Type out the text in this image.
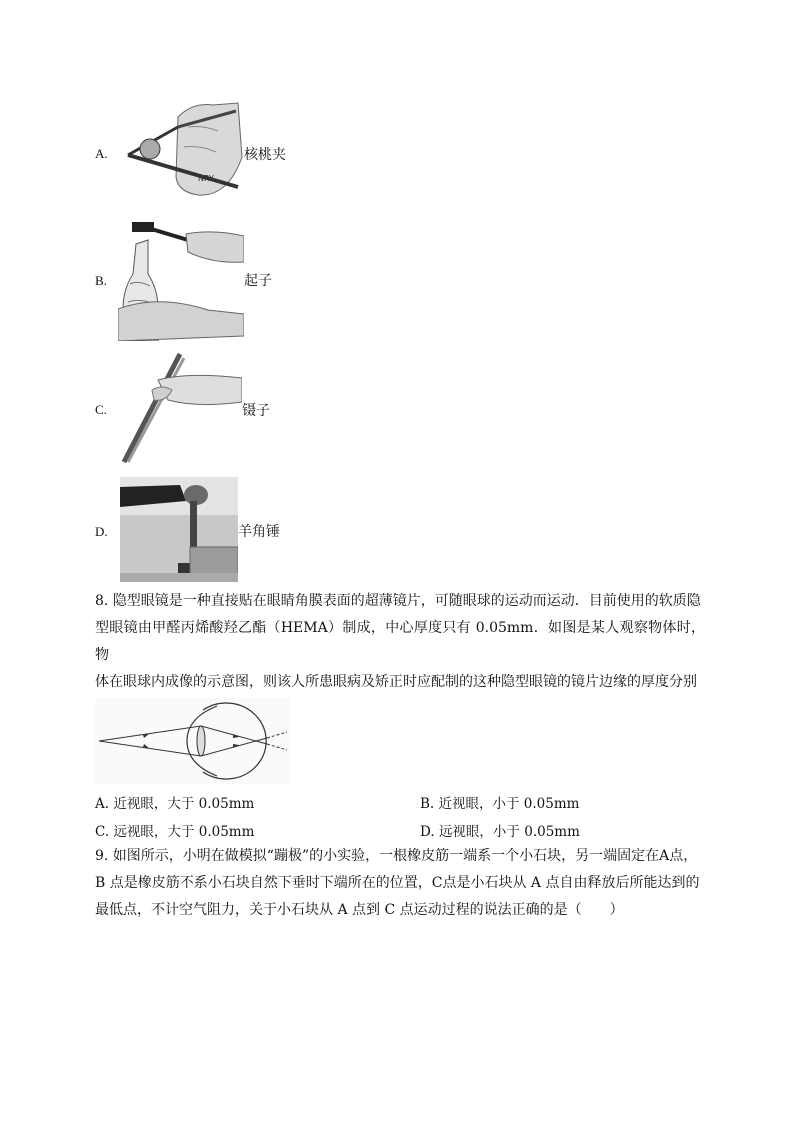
A.
NRY
核桃夹
B.	起子
C.	镊子
D.	羊角锤
8. 隐型眼镜是一种直接贴在眼睛角膜表面的超薄镜片，可随眼球的运动而运动．目前使用的软质隐
型眼镜由甲醛丙烯酸羟乙酯（HEMA）制成，中心厚度只有 0.05mm．如图是某人观察物体时，物
体在眼球内成像的示意图，则该人所患眼病及矫正时应配制的这种隐型眼镜的镜片边缘的厚度分别
A. 近视眼，大于 0.05mm	B. 近视眼，小于 0.05mm
C. 远视眼，大于 0.05mm	D. 远视眼，小于 0.05mm
9. 如图所示，小明在做模拟“蹦极”的小实验，一根橡皮筋一端系一个小石块，另一端固定在A点，
B 点是橡皮筋不系小石块自然下垂时下端所在的位置，C点是小石块从 A 点自由释放后所能达到的
最低点，不计空气阻力，关于小石块从 A 点到 C 点运动过程的说法正确的是（　　）
